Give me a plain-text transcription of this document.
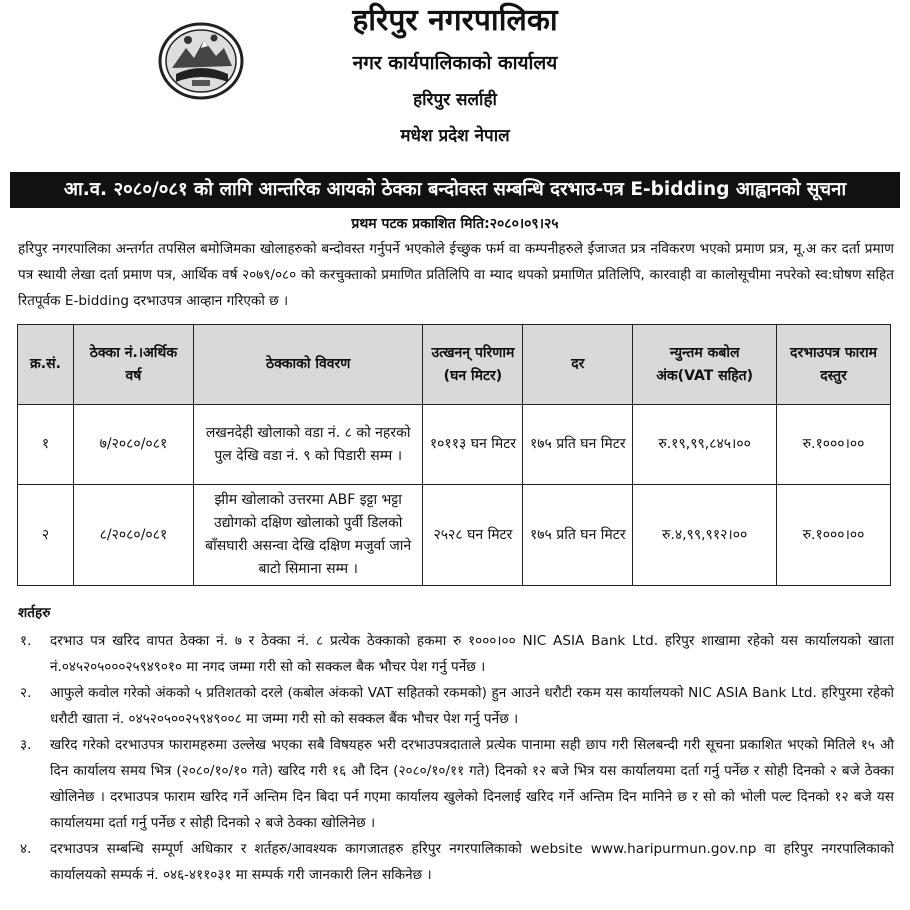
हरिपुर नगरपालिका
नगर कार्यपालिकाको कार्यालय
हरिपुर सर्लाही
मधेश प्रदेश नेपाल
आ.व. २०८०/०८१ को लागि आन्तरिक आयको ठेक्का बन्दोवस्त सम्बन्धि दरभाउ-पत्र E-bidding आह्वानको सूचना
प्रथम पटक प्रकाशित मिति:२०८०।०९।२५
हरिपुर नगरपालिका अन्तर्गत तपसिल बमोजिमका खोलाहरुको बन्दोवस्त गर्नुपर्ने भएकोले ईच्छुक फर्म वा कम्पनीहरुले ईजाजत प्रत्र नविकरण भएको प्रमाण प्रत्र, मू.अ कर दर्ता प्रमाण पत्र स्थायी लेखा दर्ता प्रमाण पत्र, आर्थिक वर्ष २०७९/०८० को करचुक्ताको प्रमाणित प्रतिलिपि वा म्याद थपको प्रमाणित प्रतिलिपि, कारवाही वा कालोसूचीमा नपरेको स्व:घोषण सहित रितपूर्वक E-bidding दरभाउपत्र आव्हान गरिएको छ ।
क्र.सं.	ठेक्का नं.।अर्थिक वर्ष	ठेक्काको विवरण	उत्खनन् परिणाम (घन मिटर)	दर	न्युन्तम कबोल अंक(VAT सहित)	दरभाउपत्र फाराम दस्तुर
१	७/२०८०/०८१	लखनदेही खोलाको वडा नं. ८ को नहरको पुल देखि वडा नं. ९ को पिडारी सम्म ।	१०११३ घन मिटर	१७५ प्रति घन मिटर	रु.१९,९९,८४५।००	रु.१०००।००
२	८/२०८०/०८१	झीम खोलाको उत्तरमा ABF इट्टा भट्टा उद्योगको दक्षिण खोलाको पुर्वी डिलको बाँसघारी असन्वा देखि दक्षिण मजुर्वा जाने बाटो सिमाना सम्म ।	२५२८ घन मिटर	१७५ प्रति घन मिटर	रु.४,९९,९१२।००	रु.१०००।००
शर्तहरु
१.	दरभाउ पत्र खरिद वापत ठेक्का नं. ७ र ठेक्का नं. ८ प्रत्येक ठेक्काको हकमा रु १०००।०० NIC ASIA Bank Ltd. हरिपुर शाखामा रहेको यस कार्यालयको खाता नं.०४५२०५०००२५९४९०१० मा नगद जम्मा गरी सो को सक्कल बैक भौचर पेश गर्नु पर्नेछ ।
२.	आफुले कवोल गरेको अंकको ५ प्रतिशतको दरले (कबोल अंकको VAT सहितको रकमको) हुन आउने धरौटी रकम यस कार्यालयको NIC ASIA Bank Ltd. हरिपुरमा रहेको धरौटी खाता नं. ०४५२०५००२५९४९००८ मा जम्मा गरी सो को सक्कल बैंक भौचर पेश गर्नु पर्नेछ ।
३.	खरिद गरेको दरभाउपत्र फारामहरुमा उल्लेख भएका सबै विषयहरु भरी दरभाउपत्रदाताले प्रत्येक पानामा सही छाप गरी सिलबन्दी गरी सूचना प्रकाशित भएको मितिले १५ औ दिन कार्यालय समय भित्र (२०८०/१०/१० गते) खरिद गरी १६ औ दिन (२०८०/१०/११ गते) दिनको १२ बजे भित्र यस कार्यालयमा दर्ता गर्नु पर्नेछ र सोही दिनको २ बजे ठेक्का खोलिनेछ । दरभाउपत्र फाराम खरिद गर्ने अन्तिम दिन बिदा पर्न गएमा कार्यालय खुलेको दिनलाई खरिद गर्ने अन्तिम दिन मानिने छ र सो को भोली पल्ट दिनको १२ बजे यस कार्यालयमा दर्ता गर्नु पर्नेछ र सोही दिनको २ बजे ठेक्का खोलिनेछ ।
४.	दरभाउपत्र सम्बन्धि सम्पूर्ण अधिकार र शर्तहरु/आवश्यक कागजातहरु हरिपुर नगरपालिकाको website www.haripurmun.gov.np वा हरिपुर नगरपालिकाको कार्यालयको सम्पर्क नं. ०४६-४११०३१ मा सम्पर्क गरी जानकारी लिन सकिनेछ ।
